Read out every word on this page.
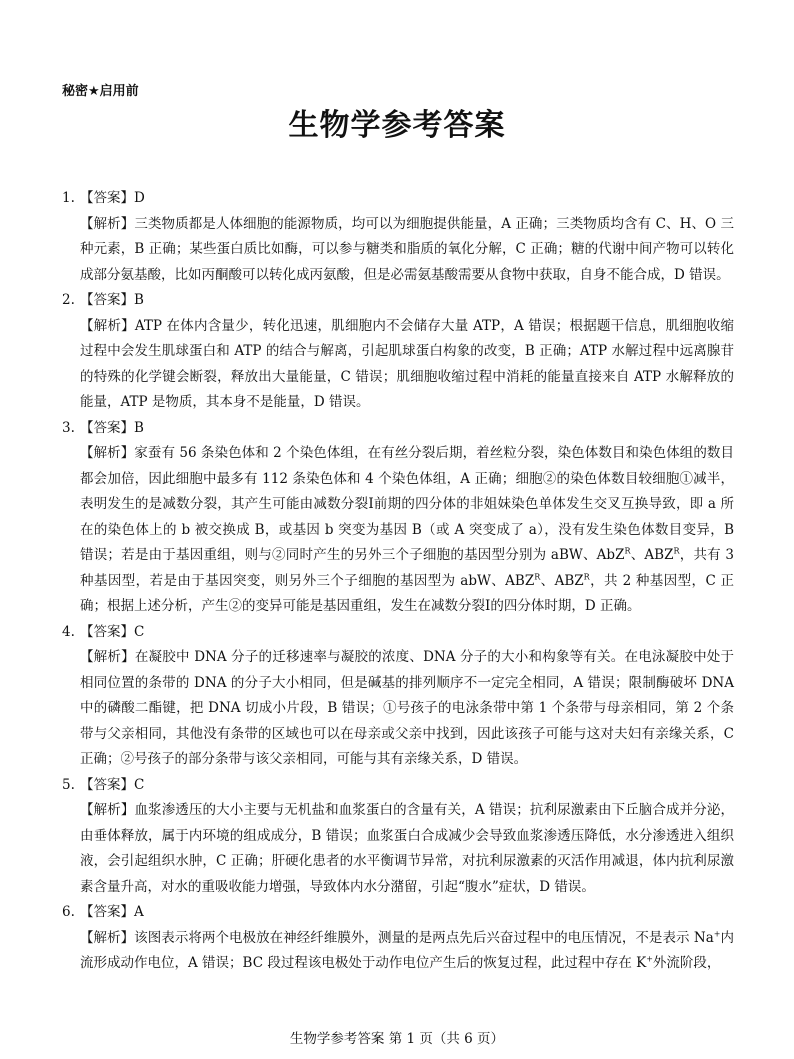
秘密★启用前
生物学参考答案
1. 【答案】D

【解析】三类物质都是人体细胞的能源物质，均可以为细胞提供能量，A 正确；三类物质均含有 C、H、O 三种元素，B 正确；某些蛋白质比如酶，可以参与糖类和脂质的氧化分解，C 正确；糖的代谢中间产物可以转化成部分氨基酸，比如丙酮酸可以转化成丙氨酸，但是必需氨基酸需要从食物中获取，自身不能合成，D 错误。

2. 【答案】B

【解析】ATP 在体内含量少，转化迅速，肌细胞内不会储存大量 ATP，A 错误；根据题干信息，肌细胞收缩过程中会发生肌球蛋白和 ATP 的结合与解离，引起肌球蛋白构象的改变，B 正确；ATP 水解过程中远离腺苷的特殊的化学键会断裂，释放出大量能量，C 错误；肌细胞收缩过程中消耗的能量直接来自 ATP 水解释放的能量，ATP 是物质，其本身不是能量，D 错误。

3. 【答案】B

【解析】家蚕有 56 条染色体和 2 个染色体组，在有丝分裂后期，着丝粒分裂，染色体数目和染色体组的数目都会加倍，因此细胞中最多有 112 条染色体和 4 个染色体组，A 正确；细胞②的染色体数目较细胞①减半，表明发生的是减数分裂，其产生可能由减数分裂Ⅰ前期的四分体的非姐妹染色单体发生交叉互换导致，即 a 所在的染色体上的 b 被交换成 B，或基因 b 突变为基因 B（或 A 突变成了 a），没有发生染色体数目变异，B 错误；若是由于基因重组，则与②同时产生的另外三个子细胞的基因型分别为 aBW、AbZ$^R$、$ABZ^R$，共有 3 种基因型，若是由于基因突变，则另外三个子细胞的基因型为 abW、$ABZ^R$、$ABZ^R$，共 2 种基因型，C 正确；根据上述分析，产生②的变异可能是基因重组，发生在减数分裂Ⅰ的四分体时期，D 正确。

4. 【答案】C

【解析】在凝胶中 DNA 分子的迁移速率与凝胶的浓度、DNA 分子的大小和构象等有关。在电泳凝胶中处于相同位置的条带的 DNA 的分子大小相同，但是碱基的排列顺序不一定完全相同，A 错误；限制酶破坏 DNA 中的磷酸二酯键，把 DNA 切成小片段，B 错误；①号孩子的电泳条带中第 1 个条带与母亲相同，第 2 个条带与父亲相同，其他没有条带的区域也可以在母亲或父亲中找到，因此该孩子可能与这对夫妇有亲缘关系，C 正确；②号孩子的部分条带与该父亲相同，可能与其有亲缘关系，D 错误。

5. 【答案】C

【解析】血浆渗透压的大小主要与无机盐和血浆蛋白的含量有关，A 错误；抗利尿激素由下丘脑合成并分泌，由垂体释放，属于内环境的组成成分，B 错误；血浆蛋白合成减少会导致血浆渗透压降低，水分渗透进入组织液，会引起组织水肿，C 正确；肝硬化患者的水平衡调节异常，对抗利尿激素的灭活作用减退，体内抗利尿激素含量升高，对水的重吸收能力增强，导致体内水分潴留，引起“腹水”症状，D 错误。

6. 【答案】A

【解析】该图表示将两个电极放在神经纤维膜外，测量的是两点先后兴奋过程中的电压情况，不是表示 Na+内流形成动作电位，A 错误；BC 段过程该电极处于动作电位产生后的恢复过程，此过程中存在 K+外流阶段，

生物学参考答案 第 1 页（共 6 页）
